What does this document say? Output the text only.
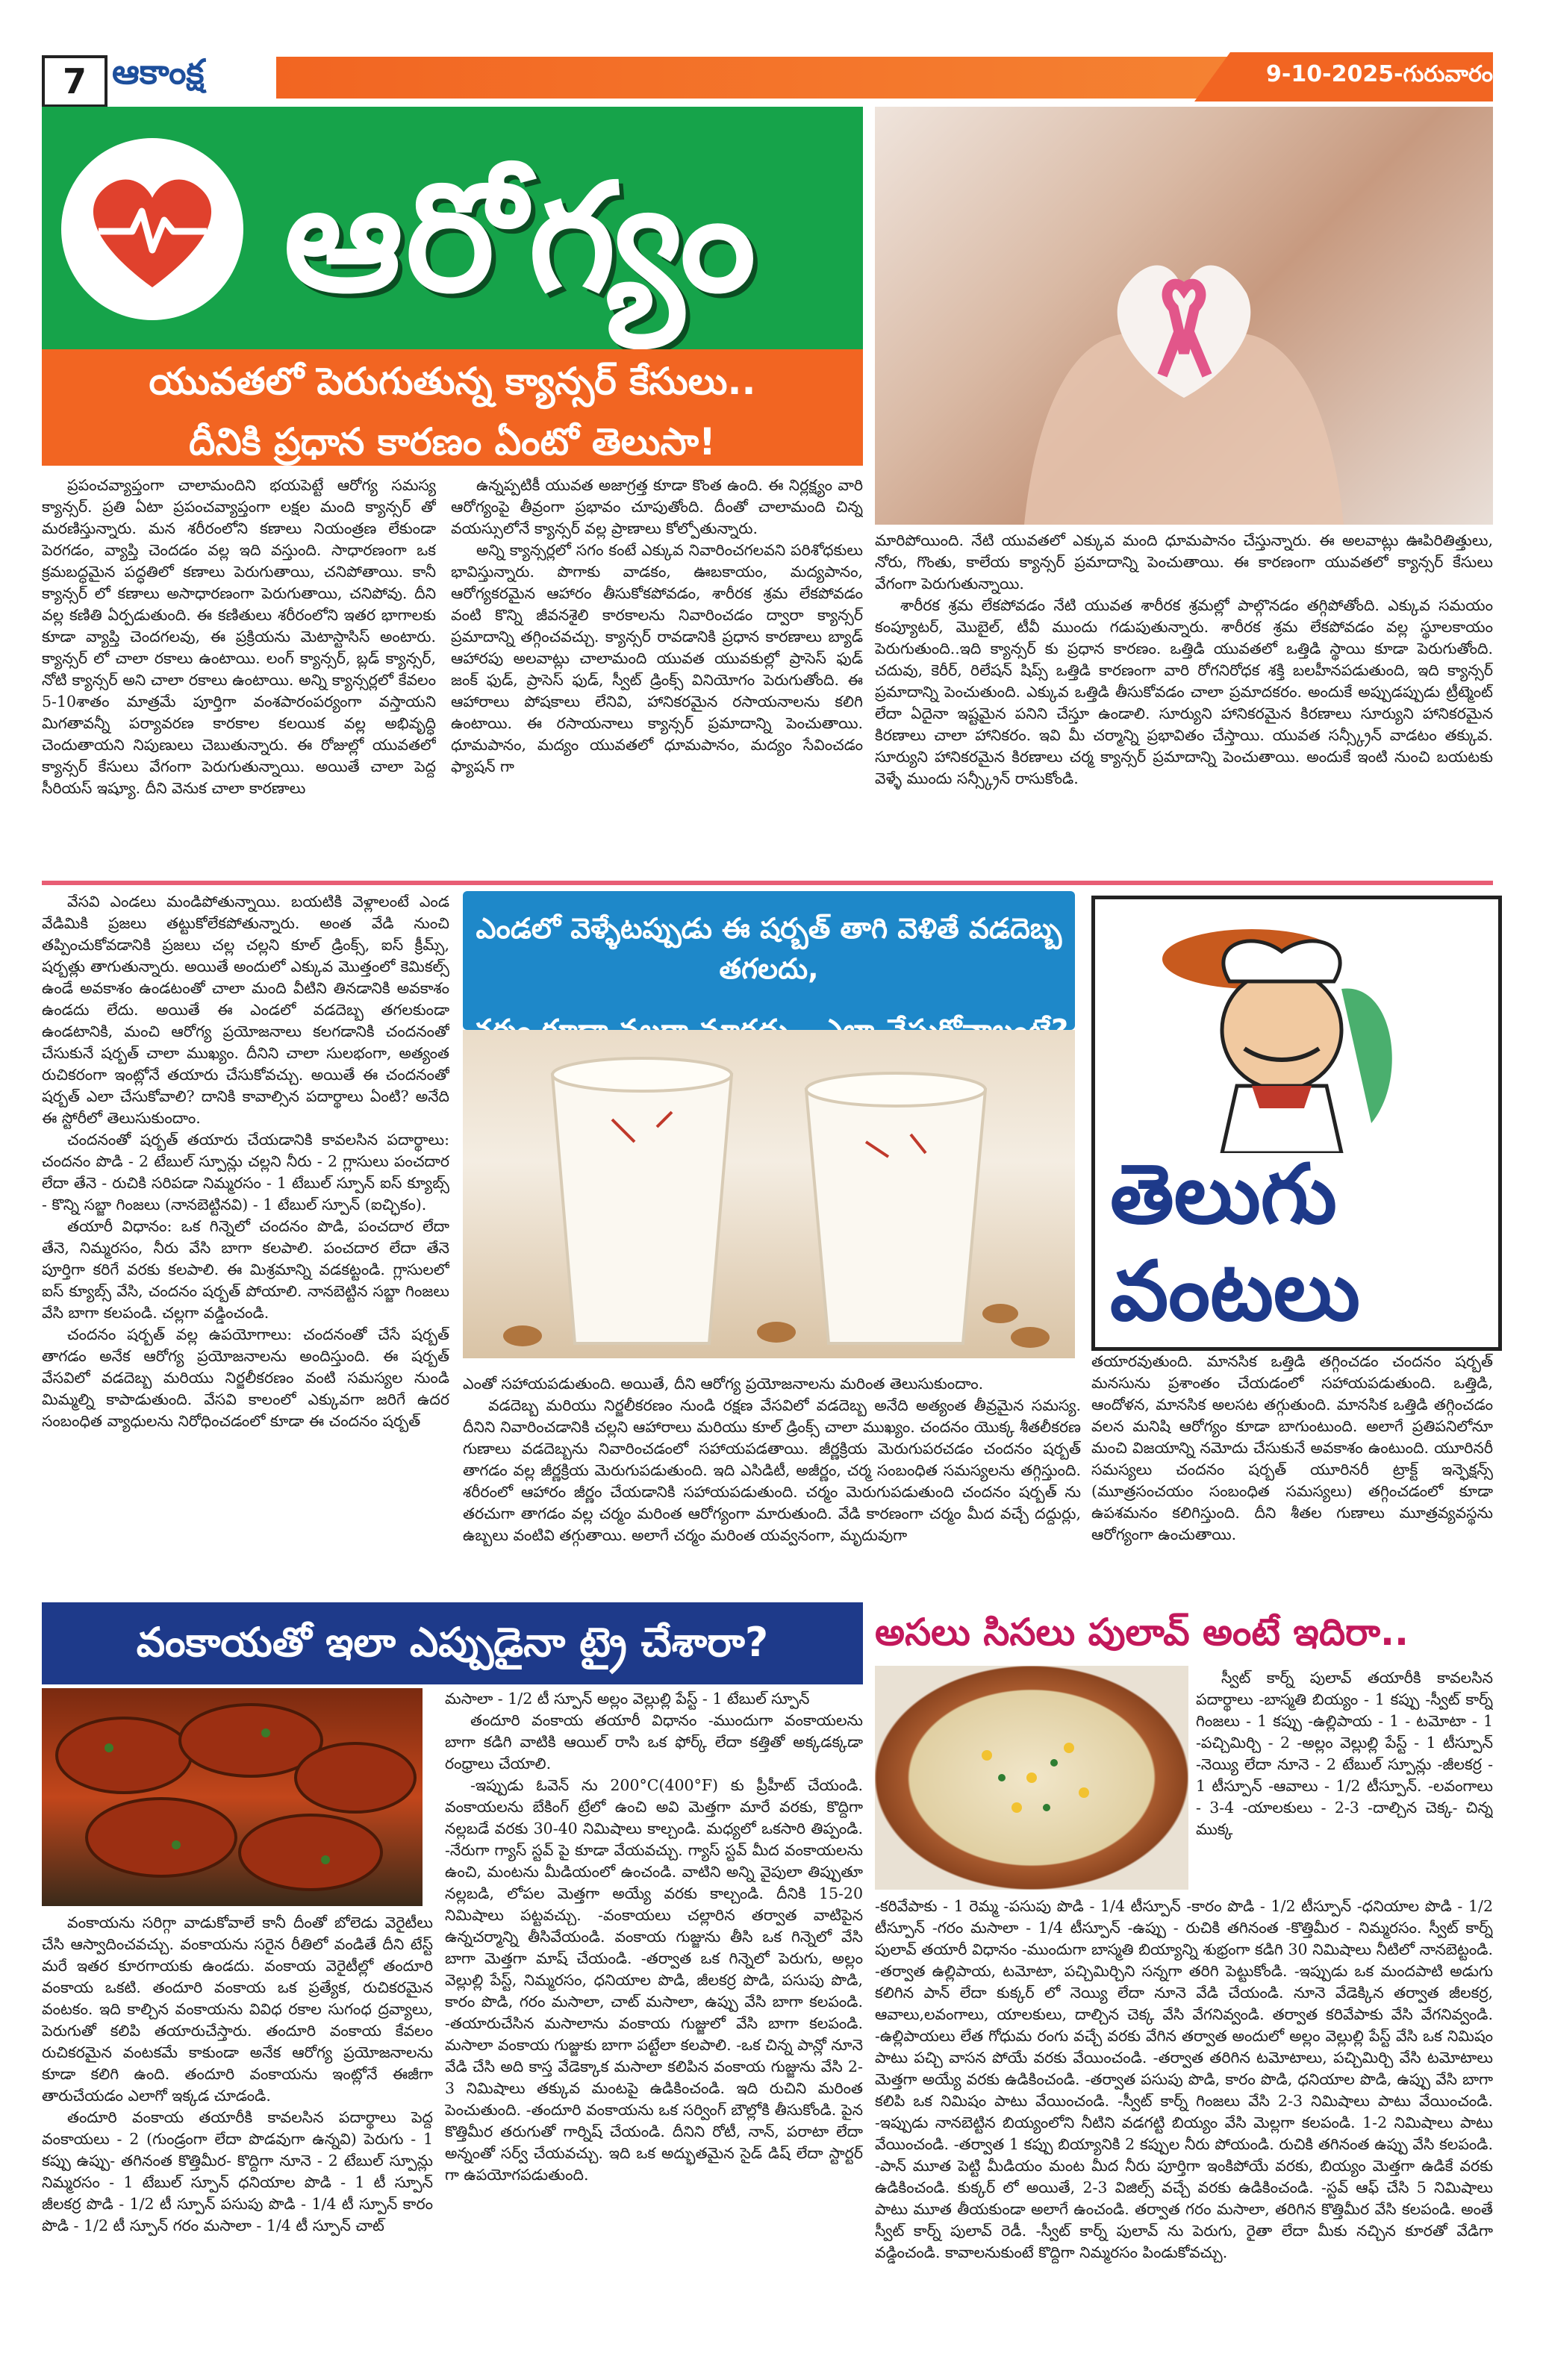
7 ఆకాంక్ష	9-10-2025-గురువారం
ఆరోగ్యం
యువతలో పెరుగుతున్న క్యాన్సర్ కేసులు..
దీనికి ప్రధాన కారణం ఏంటో తెలుసా!

ప్రపంచవ్యాప్తంగా చాలామందిని భయపెట్టే ఆరోగ్య సమస్య క్యాన్సర్. ప్రతి ఏటా ప్రపంచవ్యాప్తంగా లక్షల మంది క్యాన్సర్ తో మరణిస్తున్నారు. మన శరీరంలోని కణాలు నియంత్రణ లేకుండా పెరగడం, వ్యాప్తి చెందడం వల్ల ఇది వస్తుంది. సాధారణంగా ఒక క్రమబద్ధమైన పద్ధతిలో కణాలు పెరుగుతాయి, చనిపోతాయి. కానీ క్యాన్సర్ లో కణాలు అసాధారణంగా పెరుగుతాయి, చనిపోవు. దీని వల్ల కణితి ఏర్పడుతుంది. ఈ కణితులు శరీరంలోని ఇతర భాగాలకు కూడా వ్యాప్తి చెందగలవు, ఈ ప్రక్రియను మెటాస్టాసిస్ అంటారు. క్యాన్సర్ లో చాలా రకాలు ఉంటాయి. లంగ్ క్యాన్సర్, బ్లడ్ క్యాన్సర్, నోటి క్యాన్సర్ అని చాలా రకాలు ఉంటాయి. అన్ని క్యాన్సర్లలో కేవలం 5-10శాతం మాత్రమే పూర్తిగా వంశపారంపర్యంగా వస్తాయని మిగతావన్నీ పర్యావరణ కారకాల కలయిక వల్ల అభివృద్ధి చెందుతాయని నిపుణులు చెబుతున్నారు. ఈ రోజుల్లో యువతలో క్యాన్సర్ కేసులు వేగంగా పెరుగుతున్నాయి. అయితే చాలా పెద్ద సీరియస్ ఇష్యూ. దీని వెనుక చాలా కారణాలు

ఉన్నప్పటికీ యువత అజాగ్రత్త కూడా కొంత ఉంది. ఈ నిర్లక్ష్యం వారి ఆరోగ్యంపై తీవ్రంగా ప్రభావం చూపుతోంది. దీంతో చాలామంది చిన్న వయస్సులోనే క్యాన్సర్ వల్ల ప్రాణాలు కోల్పోతున్నారు.

అన్ని క్యాన్సర్లలో సగం కంటే ఎక్కువ నివారించగలవని పరిశోధకులు భావిస్తున్నారు. పొగాకు వాడకం, ఊబకాయం, మద్యపానం, ఆరోగ్యకరమైన ఆహారం తీసుకోకపోవడం, శారీరక శ్రమ లేకపోవడం వంటి కొన్ని జీవనశైలి కారకాలను నివారించడం ద్వారా క్యాన్సర్ ప్రమాదాన్ని తగ్గించవచ్చు. క్యాన్సర్ రావడానికి ప్రధాన కారణాలు బ్యాడ్ ఆహారపు అలవాట్లు చాలామంది యువత యువకుల్లో ప్రాసెస్ ఫుడ్ జంక్ ఫుడ్, ప్రాసెస్ ఫుడ్, స్వీట్ డ్రింక్స్ వినియోగం పెరుగుతోంది. ఈ ఆహారాలు పోషకాలు లేనివి, హానికరమైన రసాయనాలను కలిగి ఉంటాయి. ఈ రసాయనాలు క్యాన్సర్ ప్రమాదాన్ని పెంచుతాయి. ధూమపానం, మద్యం యువతలో ధూమపానం, మద్యం సేవించడం ఫ్యాషన్ గా

మారిపోయింది. నేటి యువతలో ఎక్కువ మంది ధూమపానం చేస్తున్నారు. ఈ అలవాట్లు ఊపిరితిత్తులు, నోరు, గొంతు, కాలేయ క్యాన్సర్ ప్రమాదాన్ని పెంచుతాయి. ఈ కారణంగా యువతలో క్యాన్సర్ కేసులు వేగంగా పెరుగుతున్నాయి.

శారీరక శ్రమ లేకపోవడం నేటి యువత శారీరక శ్రమల్లో పాల్గొనడం తగ్గిపోతోంది. ఎక్కువ సమయం కంప్యూటర్, మొబైల్, టీవీ ముందు గడుపుతున్నారు. శారీరక శ్రమ లేకపోవడం వల్ల స్థూలకాయం పెరుగుతుంది..ఇది క్యాన్సర్ కు ప్రధాన కారణం. ఒత్తిడి యువతలో ఒత్తిడి స్థాయి కూడా పెరుగుతోంది. చదువు, కెరీర్, రిలేషన్ షిప్స్ ఒత్తిడి కారణంగా వారి రోగనిరోధక శక్తి బలహీనపడుతుంది, ఇది క్యాన్సర్ ప్రమాదాన్ని పెంచుతుంది. ఎక్కువ ఒత్తిడి తీసుకోవడం చాలా ప్రమాదకరం. అందుకే అప్పుడప్పుడు ట్రీట్మెంట్ లేదా ఏదైనా ఇష్టమైన పనిని చేస్తూ ఉండాలి. సూర్యుని హానికరమైన కిరణాలు సూర్యుని హానికరమైన కిరణాలు చాలా హానికరం. ఇవి మీ చర్మాన్ని ప్రభావితం చేస్తాయి. యువత సన్స్క్రీన్ వాడటం తక్కువ. సూర్యుని హానికరమైన కిరణాలు చర్మ క్యాన్సర్ ప్రమాదాన్ని పెంచుతాయి. అందుకే ఇంటి నుంచి బయటకు వెళ్ళే ముందు సన్స్క్రీన్ రాసుకోండి.

వేసవి ఎండలు మండిపోతున్నాయి. బయటికి వెళ్లాలంటే ఎండ వేడిమికి ప్రజలు తట్టుకోలేకపోతున్నారు. అంత వేడి నుంచి తప్పించుకోవడానికి ప్రజలు చల్ల చల్లని కూల్ డ్రింక్స్, ఐస్ క్రీమ్స్, షర్బత్లు తాగుతున్నారు. అయితే అందులో ఎక్కువ మొత్తంలో కెమికల్స్ ఉండే అవకాశం ఉండటంతో చాలా మంది వీటిని తినడానికి అవకాశం ఉండదు లేదు. అయితే ఈ ఎండలో వడదెబ్బ తగలకుండా ఉండటానికి, మంచి ఆరోగ్య ప్రయోజనాలు కలగడానికి చందనంతో చేసుకునే షర్బత్ చాలా ముఖ్యం. దీనిని చాలా సులభంగా, అత్యంత రుచికరంగా ఇంట్లోనే తయారు చేసుకోవచ్చు. అయితే ఈ చందనంతో షర్బత్ ఎలా చేసుకోవాలి? దానికి కావాల్సిన పదార్థాలు ఏంటి? అనేది ఈ స్టోరీలో తెలుసుకుందాం.

చందనంతో షర్బత్ తయారు చేయడానికి కావలసిన పదార్థాలు: చందనం పొడి - 2 టేబుల్ స్పూన్లు చల్లని నీరు - 2 గ్లాసులు పంచదార లేదా తేనె - రుచికి సరిపడా నిమ్మరసం - 1 టేబుల్ స్పూన్ ఐస్ క్యూబ్స్ - కొన్ని సబ్జా గింజలు (నానబెట్టినవి) - 1 టేబుల్ స్పూన్ (ఐచ్ఛికం).

తయారీ విధానం: ఒక గిన్నెలో చందనం పొడి, పంచదార లేదా తేనె, నిమ్మరసం, నీరు వేసి బాగా కలపాలి. పంచదార లేదా తేనె పూర్తిగా కరిగే వరకు కలపాలి. ఈ మిశ్రమాన్ని వడకట్టండి. గ్లాసులలో ఐస్ క్యూబ్స్ వేసి, చందనం షర్బత్ పోయాలి. నానబెట్టిన సబ్జా గింజలు వేసి బాగా కలపండి. చల్లగా వడ్డించండి.

చందనం షర్బత్ వల్ల ఉపయోగాలు: చందనంతో చేసే షర్బత్ తాగడం అనేక ఆరోగ్య ప్రయోజనాలను అందిస్తుంది. ఈ షర్బత్ వేసవిలో వడదెబ్బ మరియు నిర్జలీకరణం వంటి సమస్యల నుండి మిమ్మల్ని కాపాడుతుంది. వేసవి కాలంలో ఎక్కువగా జరిగే ఉదర సంబంధిత వ్యాధులను నిరోధించడంలో కూడా ఈ చందనం షర్బత్

ఎండలో వెళ్ళేటప్పుడు ఈ షర్బత్ తాగి వెళితే వడదెబ్బ తగలదు,
తెలుగు
వంటలు

ఎంతో సహాయపడుతుంది. అయితే, దీని ఆరోగ్య ప్రయోజనాలను మరింత తెలుసుకుందాం.

వడదెబ్బ మరియు నిర్జలీకరణం నుండి రక్షణ వేసవిలో వడదెబ్బ అనేది అత్యంత తీవ్రమైన సమస్య. దీనిని నివారించడానికి చల్లని ఆహారాలు మరియు కూల్ డ్రింక్స్ చాలా ముఖ్యం. చందనం యొక్క శీతలీకరణ గుణాలు వడదెబ్బను నివారించడంలో సహాయపడతాయి. జీర్ణక్రియ మెరుగుపరచడం చందనం షర్బత్ తాగడం వల్ల జీర్ణక్రియ మెరుగుపడుతుంది. ఇది ఎసిడిటీ, అజీర్ణం, చర్మ సంబంధిత సమస్యలను తగ్గిస్తుంది. శరీరంలో ఆహారం జీర్ణం చేయడానికి సహాయపడుతుంది. చర్మం మెరుగుపడుతుంది చందనం షర్బత్ ను తరచుగా తాగడం వల్ల చర్మం మరింత ఆరోగ్యంగా మారుతుంది. వేడి కారణంగా చర్మం మీద వచ్చే దద్దుర్లు, ఉబ్బలు వంటివి తగ్గుతాయి. అలాగే చర్మం మరింత యవ్వనంగా, మృదువుగా

తయారవుతుంది. మానసిక ఒత్తిడి తగ్గించడం చందనం షర్బత్ మనసును ప్రశాంతం చేయడంలో సహాయపడుతుంది. ఒత్తిడి, ఆందోళన, మానసిక అలసట తగ్గుతుంది. మానసిక ఒత్తిడి తగ్గించడం వలన మనిషి ఆరోగ్యం కూడా బాగుంటుంది. అలాగే ప్రతిపనిలోనూ మంచి విజయాన్ని నమోదు చేసుకునే అవకాశం ఉంటుంది. యూరినరీ సమస్యలు చందనం షర్బత్ యూరినరీ ట్రాక్ట్ ఇన్ఫెక్షన్స్ (మూత్రసంచయం సంబంధిత సమస్యలు) తగ్గించడంలో కూడా ఉపశమనం కలిగిస్తుంది. దీని శీతల గుణాలు మూత్రవ్యవస్థను ఆరోగ్యంగా ఉంచుతాయి.

వంకాయతో ఇలా ఎప్పుడైనా ట్రై చేశారా?

వంకాయను సరిగ్గా వాడుకోవాలే కానీ దీంతో బోలెడు వెరైటీలు చేసి ఆస్వాదించవచ్చు. వంకాయను సరైన రీతిలో వండితే దీని టేస్ట్ మరే ఇతర కూరగాయకు ఉండదు. వంకాయ వెరైటీల్లో తందూరి వంకాయ ఒకటి. తందూరి వంకాయ ఒక ప్రత్యేక, రుచికరమైన వంటకం. ఇది కాల్చిన వంకాయను వివిధ రకాల సుగంధ ద్రవ్యాలు, పెరుగుతో కలిపి తయారుచేస్తారు. తందూరి వంకాయ కేవలం రుచికరమైన వంటకమే కాకుండా అనేక ఆరోగ్య ప్రయోజనాలను కూడా కలిగి ఉంది. తందూరి వంకాయను ఇంట్లోనే ఈజీగా తారుచేయడం ఎలాగో ఇక్కడ చూడండి.

తందూరి వంకాయ తయారీకి కావలసిన పదార్థాలు పెద్ద వంకాయలు - 2 (గుండ్రంగా లేదా పొడవుగా ఉన్నవి) పెరుగు - 1 కప్పు ఉప్పు- తగినంత కొత్తిమీర- కొద్దిగా నూనె - 2 టేబుల్ స్పూన్లు నిమ్మరసం - 1 టేబుల్ స్పూన్ ధనియాల పొడి - 1 టీ స్పూన్ జీలకర్ర పొడి - 1/2 టీ స్పూన్ పసుపు పొడి - 1/4 టీ స్పూన్ కారం పొడి - 1/2 టీ స్పూన్ గరం మసాలా - 1/4 టీ స్పూన్ చాట్

మసాలా - 1/2 టీ స్పూన్ అల్లం వెల్లుల్లి పేస్ట్ - 1 టేబుల్ స్పూన్

తందూరి వంకాయ తయారీ విధానం -ముందుగా వంకాయలను బాగా కడిగి వాటికి ఆయిల్ రాసి ఒక ఫోర్క్ లేదా కత్తితో అక్కడక్కడా రంధ్రాలు చేయాలి.

-ఇప్పుడు ఓవెన్ ను 200°C(400°F) కు ప్రీహీట్ చేయండి. వంకాయలను బేకింగ్ ట్రేలో ఉంచి అవి మెత్తగా మారే వరకు, కొద్దిగా నల్లబడే వరకు 30-40 నిమిషాలు కాల్చండి. మధ్యలో ఒకసారి తిప్పండి. -నేరుగా గ్యాస్ స్టవ్ పై కూడా వేయవచ్చు. గ్యాస్ స్టవ్ మీద వంకాయలను ఉంచి, మంటను మీడియంలో ఉంచండి. వాటిని అన్ని వైపులా తిప్పుతూ నల్లబడి, లోపల మెత్తగా అయ్యే వరకు కాల్చండి. దీనికి 15-20 నిమిషాలు పట్టవచ్చు. -వంకాయలు చల్లారిన తర్వాత వాటిపైన ఉన్నచర్మాన్ని తీసివేయండి. వంకాయ గుజ్జును తీసి ఒక గిన్నెలో వేసి బాగా మెత్తగా మాష్ చేయండి. -తర్వాత ఒక గిన్నెలో పెరుగు, అల్లం వెల్లుల్లి పేస్ట్, నిమ్మరసం, ధనియాల పొడి, జీలకర్ర పొడి, పసుపు పొడి, కారం పొడి, గరం మసాలా, చాట్ మసాలా, ఉప్పు వేసి బాగా కలపండి. -తయారుచేసిన మసాలాను వంకాయ గుజ్జులో వేసి బాగా కలపండి. మసాలా వంకాయ గుజ్జుకు బాగా పట్టేలా కలపాలి. -ఒక చిన్న పాన్లో నూనె వేడి చేసి అది కాస్త వేడెక్కాక మసాలా కలిపిన వంకాయ గుజ్జును వేసి 2-3 నిమిషాలు తక్కువ మంటపై ఉడికించండి. ఇది రుచిని మరింత పెంచుతుంది. -తందూరి వంకాయను ఒక సర్వింగ్ బౌల్లోకి తీసుకోండి. పైన కొత్తిమీర తరుగుతో గార్నిష్ చేయండి. దీనిని రోటీ, నాన్, పరాటా లేదా అన్నంతో సర్వ్ చేయవచ్చు. ఇది ఒక అద్భుతమైన సైడ్ డిష్ లేదా స్టార్టర్ గా ఉపయోగపడుతుంది.

అసలు సిసలు పులావ్ అంటే ఇదిరా..

స్వీట్ కార్న్ పులావ్ తయారీకి కావలసిన పదార్థాలు -బాస్మతి బియ్యం - 1 కప్పు -స్వీట్ కార్న్ గింజలు - 1 కప్పు -ఉల్లిపాయ - 1 - టమోటా - 1 -పచ్చిమిర్చి - 2 -అల్లం వెల్లుల్లి పేస్ట్ - 1 టీస్పూన్ -నెయ్యి లేదా నూనె - 2 టేబుల్ స్పూన్లు -జీలకర్ర - 1 టీస్పూన్ -ఆవాలు - 1/2 టీస్పూన్. -లవంగాలు - 3-4 -యాలకులు - 2-3 -దాల్చిన చెక్క- చిన్న ముక్క

-కరివేపాకు - 1 రెమ్మ -పసుపు పొడి - 1/4 టీస్పూన్ -కారం పొడి - 1/2 టీస్పూన్ -ధనియాల పొడి - 1/2 టీస్పూన్ -గరం మసాలా - 1/4 టీస్పూన్ -ఉప్పు - రుచికి తగినంత -కొత్తిమీర - నిమ్మరసం. స్వీట్ కార్న్ పులావ్ తయారీ విధానం -ముందుగా బాస్మతి బియ్యాన్ని శుభ్రంగా కడిగి 30 నిమిషాలు నీటిలో నానబెట్టండి. -తర్వాత ఉల్లిపాయ, టమోటా, పచ్చిమిర్చిని సన్నగా తరిగి పెట్టుకోండి. -ఇప్పుడు ఒక మందపాటి అడుగు కలిగిన పాన్ లేదా కుక్కర్ లో నెయ్యి లేదా నూనె వేడి చేయండి. నూనె వేడెక్కిన తర్వాత జీలకర్ర, ఆవాలు,లవంగాలు, యాలకులు, దాల్చిన చెక్క వేసి వేగనివ్వండి. తర్వాత కరివేపాకు వేసి వేగనివ్వండి. -ఉల్లిపాయలు లేత గోధుమ రంగు వచ్చే వరకు వేగిన తర్వాత అందులో అల్లం వెల్లుల్లి పేస్ట్ వేసి ఒక నిమిషం పాటు పచ్చి వాసన పోయే వరకు వేయించండి. -తర్వాత తరిగిన టమోటాలు, పచ్చిమిర్చి వేసి టమోటాలు మెత్తగా అయ్యే వరకు ఉడికించండి. -తర్వాత పసుపు పొడి, కారం పొడి, ధనియాల పొడి, ఉప్పు వేసి బాగా కలిపి ఒక నిమిషం పాటు వేయించండి. -స్వీట్ కార్న్ గింజలు వేసి 2-3 నిమిషాలు పాటు వేయించండి. -ఇప్పుడు నానబెట్టిన బియ్యంలోని నీటిని వడగట్టి బియ్యం వేసి మెల్లగా కలపండి. 1-2 నిమిషాలు పాటు వేయించండి. -తర్వాత 1 కప్పు బియ్యానికి 2 కప్పుల నీరు పోయండి. రుచికి తగినంత ఉప్పు వేసి కలపండి. -పాన్ మూత పెట్టి మీడియం మంట మీద నీరు పూర్తిగా ఇంకిపోయే వరకు, బియ్యం మెత్తగా ఉడికే వరకు ఉడికించండి. కుక్కర్ లో అయితే, 2-3 విజిల్స్ వచ్చే వరకు ఉడికించండి. -స్టవ్ ఆఫ్ చేసి 5 నిమిషాలు పాటు మూత తీయకుండా అలాగే ఉంచండి. తర్వాత గరం మసాలా, తరిగిన కొత్తిమీర వేసి కలపండి. అంతే స్వీట్ కార్న్ పులావ్ రెడీ. -స్వీట్ కార్న్ పులావ్ ను పెరుగు, రైతా లేదా మీకు నచ్చిన కూరతో వేడిగా వడ్డించండి. కావాలనుకుంటే కొద్దిగా నిమ్మరసం పిండుకోవచ్చు.
